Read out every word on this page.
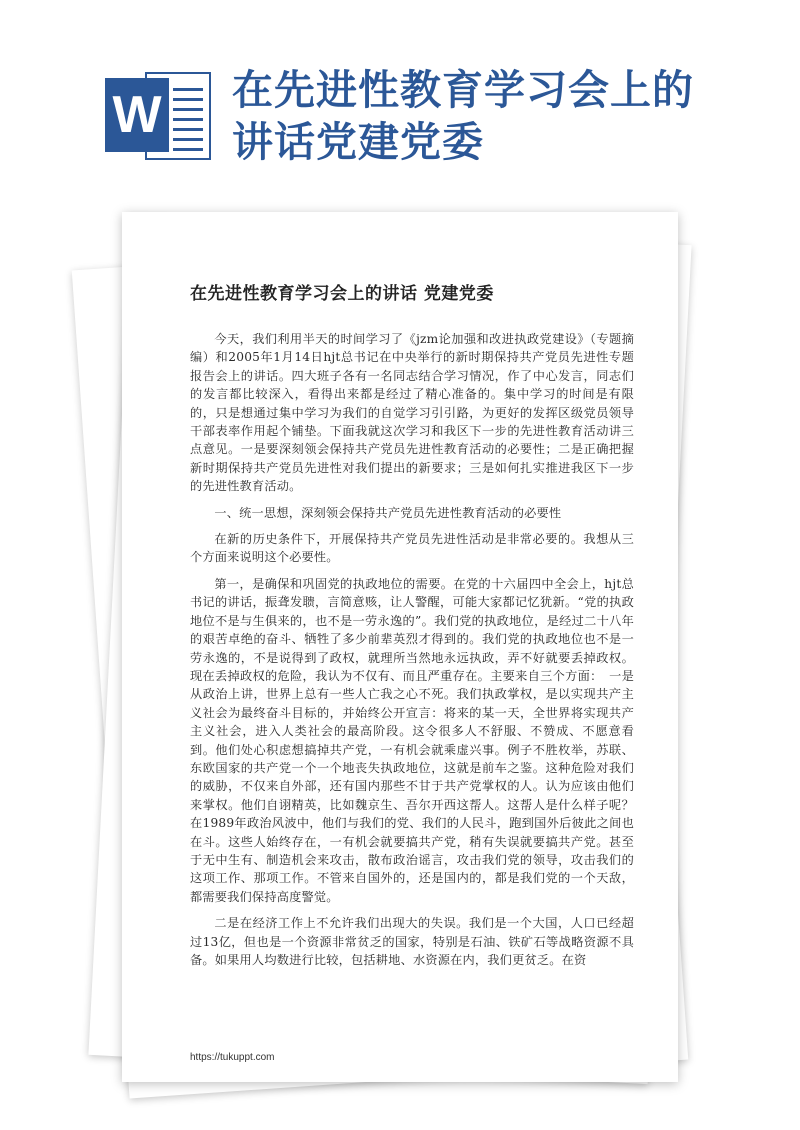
W 在先进性教育学习会上的讲话党建党委
在先进性教育学习会上的讲话 党建党委

今天，我们利用半天的时间学习了《jzm论加强和改进执政党建设》（专题摘编）和2005年1月14日hjt总书记在中央举行的新时期保持共产党员先进性专题报告会上的讲话。四大班子各有一名同志结合学习情况，作了中心发言，同志们的发言都比较深入，看得出来都是经过了精心准备的。集中学习的时间是有限的，只是想通过集中学习为我们的自觉学习引引路，为更好的发挥区级党员领导干部表率作用起个铺垫。下面我就这次学习和我区下一步的先进性教育活动讲三点意见。一是要深刻领会保持共产党员先进性教育活动的必要性；二是正确把握新时期保持共产党员先进性对我们提出的新要求；三是如何扎实推进我区下一步的先进性教育活动。

一、统一思想，深刻领会保持共产党员先进性教育活动的必要性

在新的历史条件下，开展保持共产党员先进性活动是非常必要的。我想从三个方面来说明这个必要性。

第一，是确保和巩固党的执政地位的需要。在党的十六届四中全会上，hjt总书记的讲话，振聋发聩，言简意赅，让人警醒，可能大家都记忆犹新。“党的执政地位不是与生俱来的，也不是一劳永逸的”。我们党的执政地位，是经过二十八年的艰苦卓绝的奋斗、牺牲了多少前辈英烈才得到的。我们党的执政地位也不是一劳永逸的，不是说得到了政权，就理所当然地永远执政，弄不好就要丢掉政权。现在丢掉政权的危险，我认为不仅有、而且严重存在。主要来自三个方面：　一是从政治上讲，世界上总有一些人亡我之心不死。我们执政掌权，是以实现共产主义社会为最终奋斗目标的，并始终公开宣言：将来的某一天，全世界将实现共产主义社会，进入人类社会的最高阶段。这令很多人不舒服、不赞成、不愿意看到。他们处心积虑想搞掉共产党，一有机会就乘虚兴事。例子不胜枚举，苏联、东欧国家的共产党一个一个地丧失执政地位，这就是前车之鉴。这种危险对我们的威胁，不仅来自外部，还有国内那些不甘于共产党掌权的人。认为应该由他们来掌权。他们自诩精英，比如魏京生、吾尔开西这帮人。这帮人是什么样子呢？在1989年政治风波中，他们与我们的党、我们的人民斗，跑到国外后彼此之间也在斗。这些人始终存在，一有机会就要搞共产党，稍有失误就要搞共产党。甚至于无中生有、制造机会来攻击，散布政治谣言，攻击我们党的领导，攻击我们的这项工作、那项工作。不管来自国外的，还是国内的，都是我们党的一个天敌，都需要我们保持高度警觉。

二是在经济工作上不允许我们出现大的失误。我们是一个大国，人口已经超过13亿，但也是一个资源非常贫乏的国家，特别是石油、铁矿石等战略资源不具备。如果用人均数进行比较，包括耕地、水资源在内，我们更贫乏。在资

https://tukuppt.com
